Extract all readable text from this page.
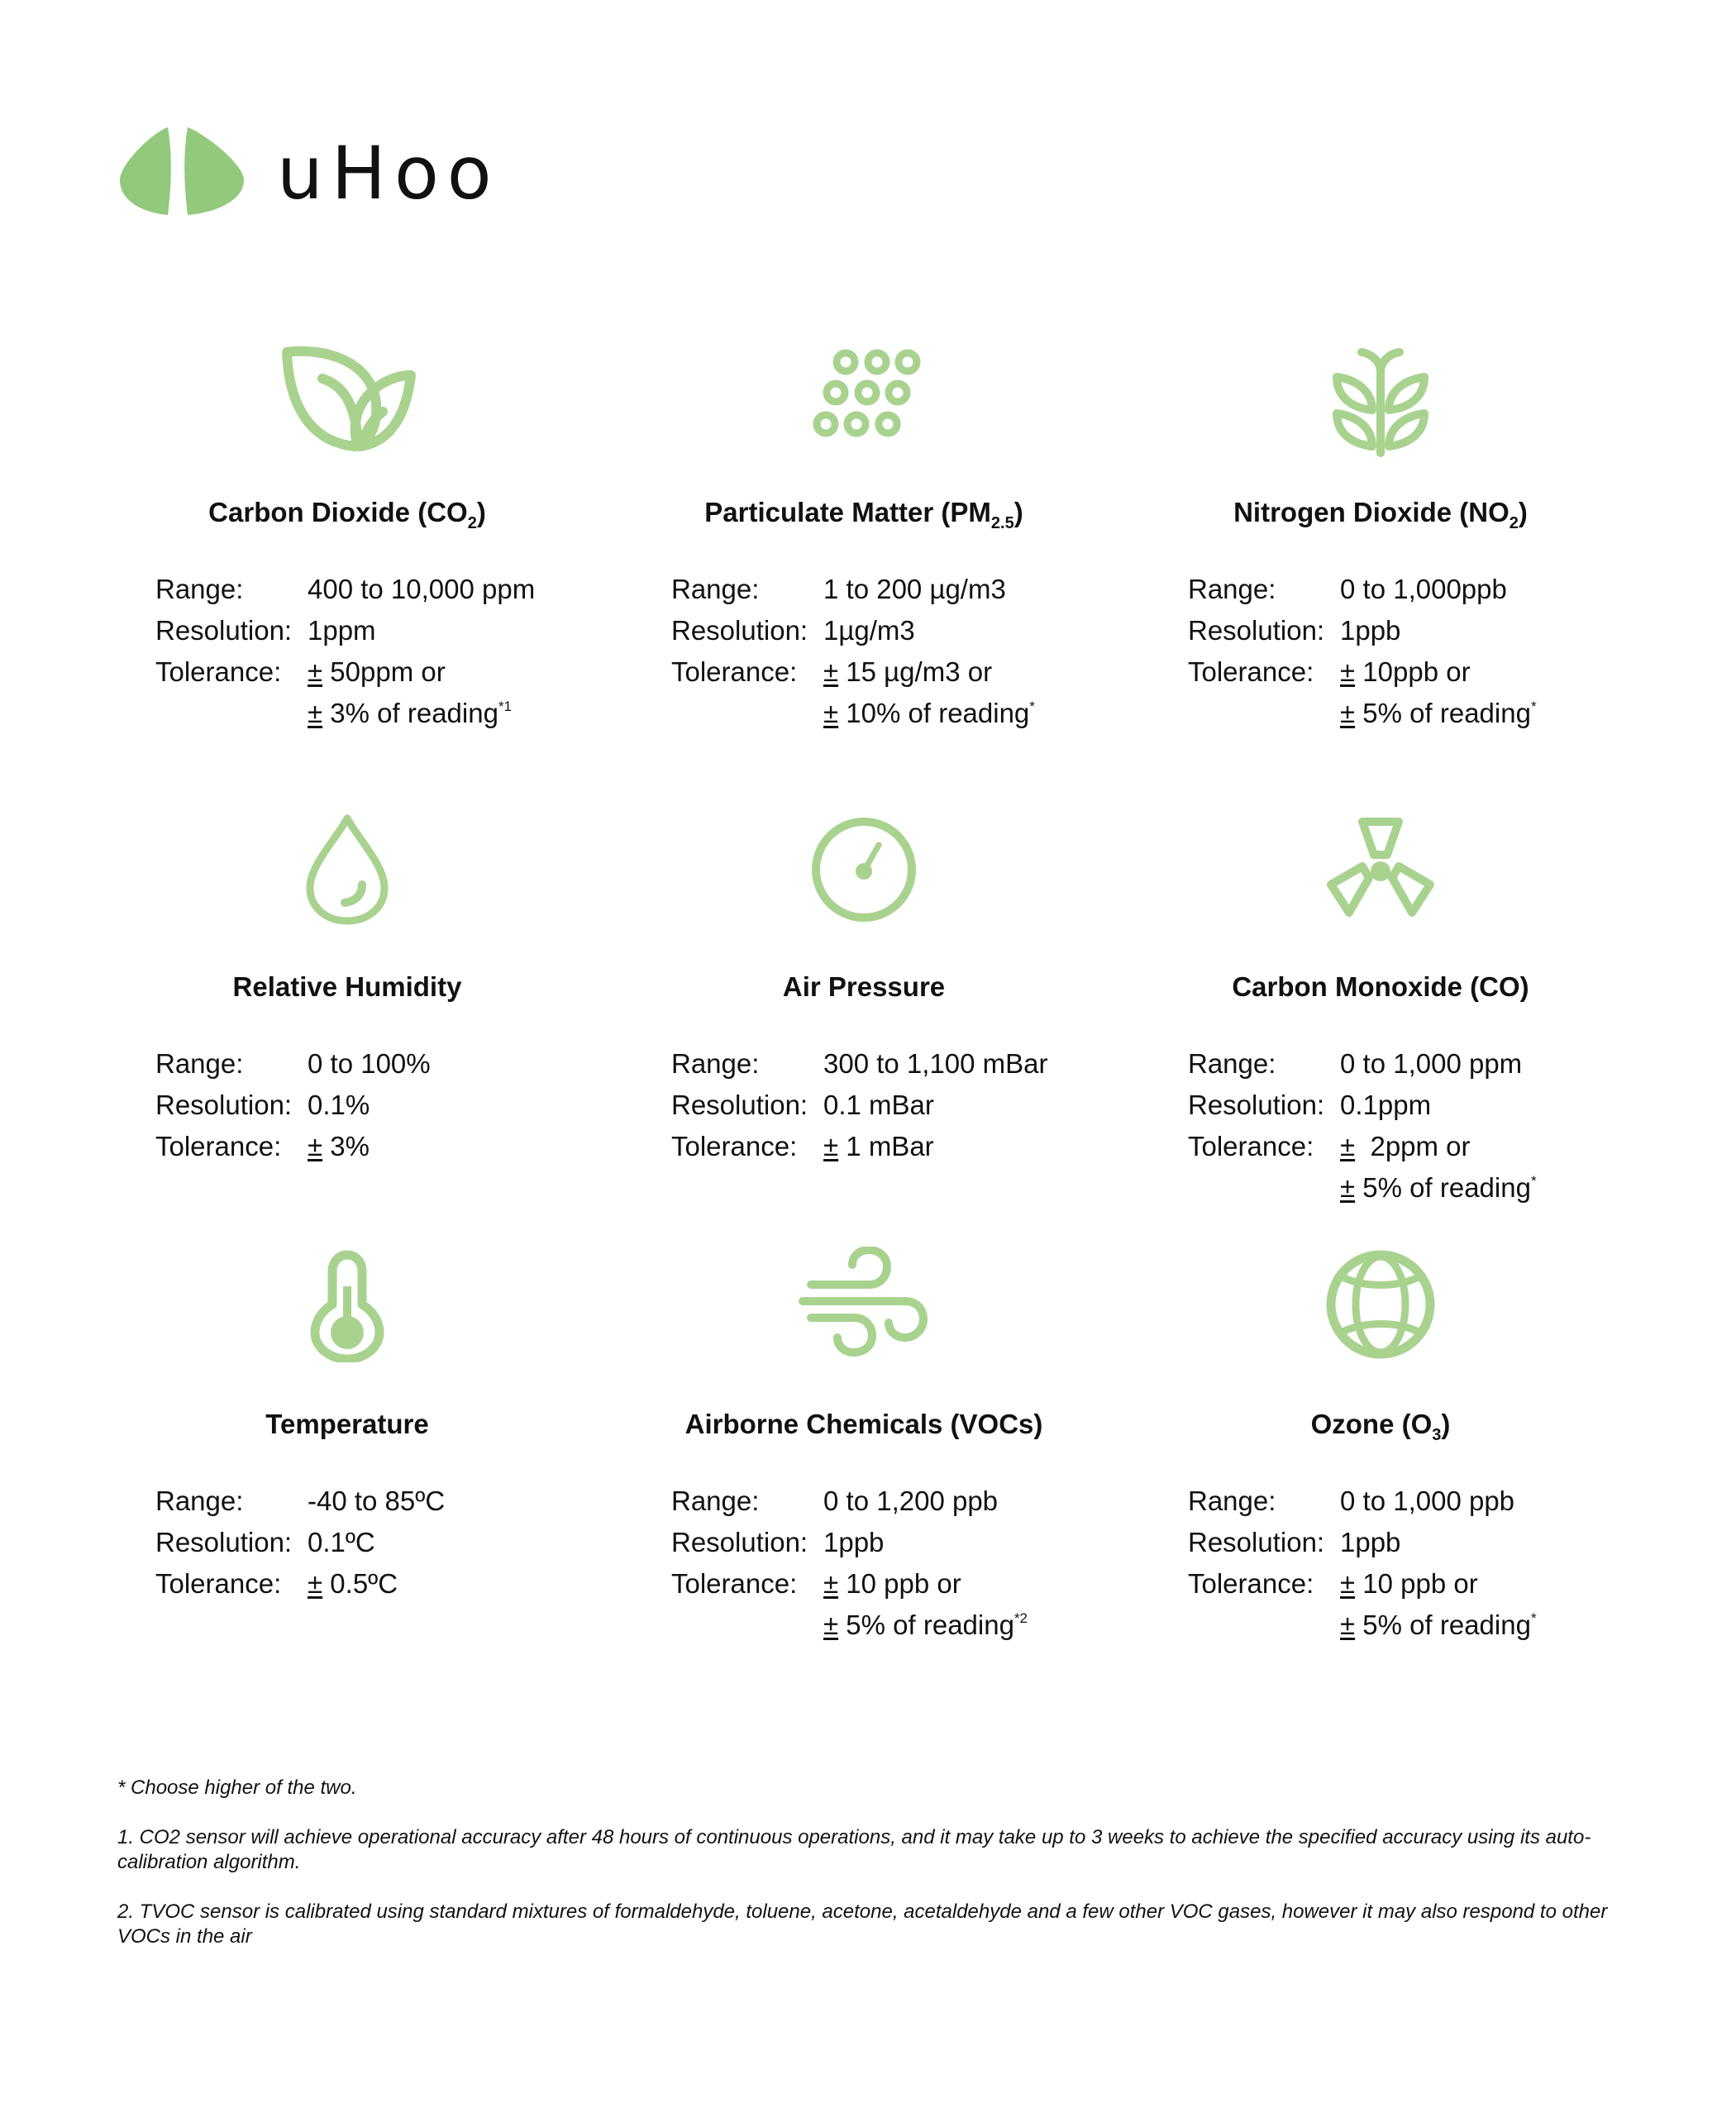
uHoo
Carbon Dioxide $(CO_2)$
Range: 400 to 10,000 ppm
Resolution: 1ppm
Tolerance: ± 50ppm or
± 3% of reading$^{*1}$
Particulate Matter $(PM_{2.5})$
Range: 1 to 200 µg/m3
Resolution: 1µg/m3
Tolerance: ± 15 µg/m3 or
± 10% of reading*
Nitrogen Dioxide $(NO_2)$
Range: 0 to 1,000ppb
Resolution: 1ppb
Tolerance: ± 10ppb or
± 5% of reading*
Relative Humidity
Range: 0 to 100%
Resolution: 0.1%
Tolerance: ± 3%
Air Pressure
Range: 300 to 1,100 mBar
Resolution: 0.1 mBar
Tolerance: ± 1 mBar
Carbon Monoxide (CO)
Range: 0 to 1,000 ppm
Resolution: 0.1ppm
Tolerance: ±  2ppm or
± 5% of reading*
Temperature
Range: -40 to 85ºC
Resolution: 0.1ºC
Tolerance: ± 0.5ºC
Airborne Chemicals (VOCs)
Range: 0 to 1,200 ppb
Resolution: 1ppb
Tolerance: ± 10 ppb or
± 5% of reading$^{*2}$
Ozone $(O_3)$
Range: 0 to 1,000 ppb
Resolution: 1ppb
Tolerance: ± 10 ppb or
± 5% of reading*

* Choose higher of the two.

1. CO2 sensor will achieve operational accuracy after 48 hours of continuous operations, and it may take up to 3 weeks to achieve the specified accuracy using its auto-calibration algorithm.

2. TVOC sensor is calibrated using standard mixtures of formaldehyde, toluene, acetone, acetaldehyde and a few other VOC gases, however it may also respond to other VOCs in the air
